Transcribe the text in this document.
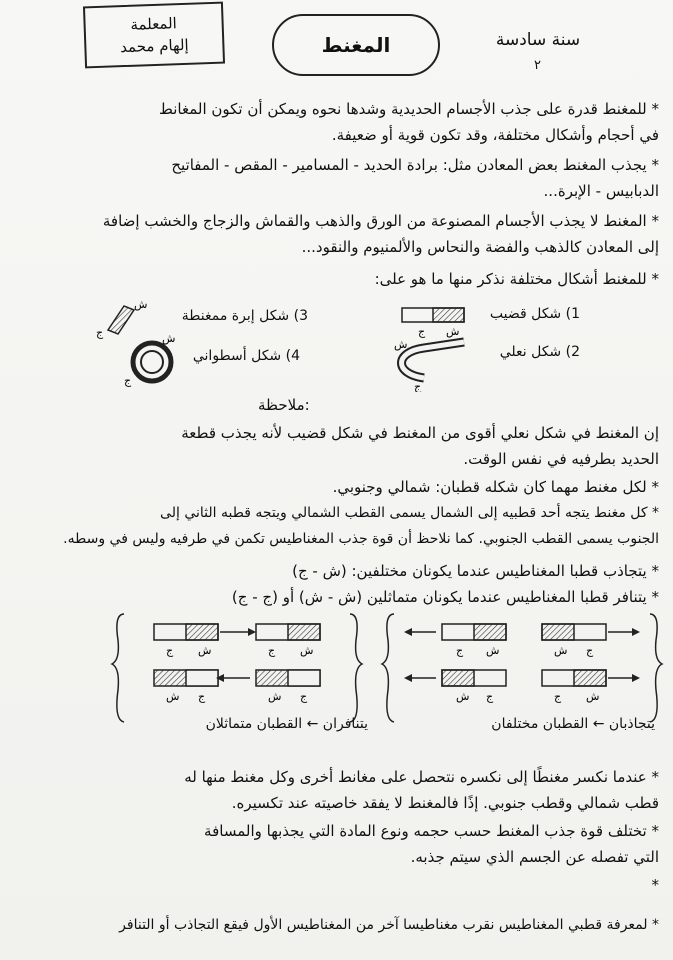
المعلمة
إلهام محمد	المغنط	سنة سادسة
٢
* للمغنط قدرة على جذب الأجسام الحديدية وشدها نحوه ويمكن أن تكون المغانط
في أحجام وأشكال مختلفة، وقد تكون قوية أو ضعيفة.
* يجذب المغنط بعض المعادن مثل: برادة الحديد - المسامير - المقص - المفاتيح
الدبابيس - الإبرة...
* المغنط لا يجذب الأجسام المصنوعة من الورق والذهب والقماش والزجاج والخشب إضافة
إلى المعادن كالذهب والفضة والنحاس والألمنيوم والنقود...
* للمغنط أشكال مختلفة نذكر منها ما هو على:
1) شكل قضيب
ج ش
3) شكل إبرة ممغنطة
ش
ج
2) شكل نعلي
ش
ج
4) شكل أسطواني
ش
ج
ملاحظة:
إن المغنط في شكل نعلي أقوى من المغنط في شكل قضيب لأنه يجذب قطعة
الحديد بطرفيه في نفس الوقت.
* لكل مغنط مهما كان شكله قطبان: شمالي وجنوبي.
* كل مغنط يتجه أحد قطبيه إلى الشمال يسمى القطب الشمالي ويتجه قطبه الثاني إلى
الجنوب يسمى القطب الجنوبي. كما نلاحظ أن قوة جذب المغناطيس تكمن في طرفيه وليس في وسطه.
* يتجاذب قطبا المغناطيس عندما يكونان مختلفين: (ش - ج)
* يتنافر قطبا المغناطيس عندما يكونان متماثلين (ش - ش) أو (ج - ج)
ج ش	ج ش
ش ج	ش ج
ج ش	ش ج
ش ج	ج ش
يتنافران ← القطبان متماثلان	يتجاذبان ← القطبان مختلفان
* عندما نكسر مغنطًا إلى نكسره نتحصل على مغانط أخرى وكل مغنط منها له
قطب شمالي وقطب جنوبي. إذًا فالمغنط لا يفقد خاصيته عند تكسيره.
* تختلف قوة جذب المغنط حسب حجمه ونوع المادة التي يجذبها والمسافة
التي تفصله عن الجسم الذي سيتم جذبه.
*
* لمعرفة قطبي المغناطيس نقرب مغناطيسا آخر من المغناطيس الأول فيقع التجاذب أو التنافر
